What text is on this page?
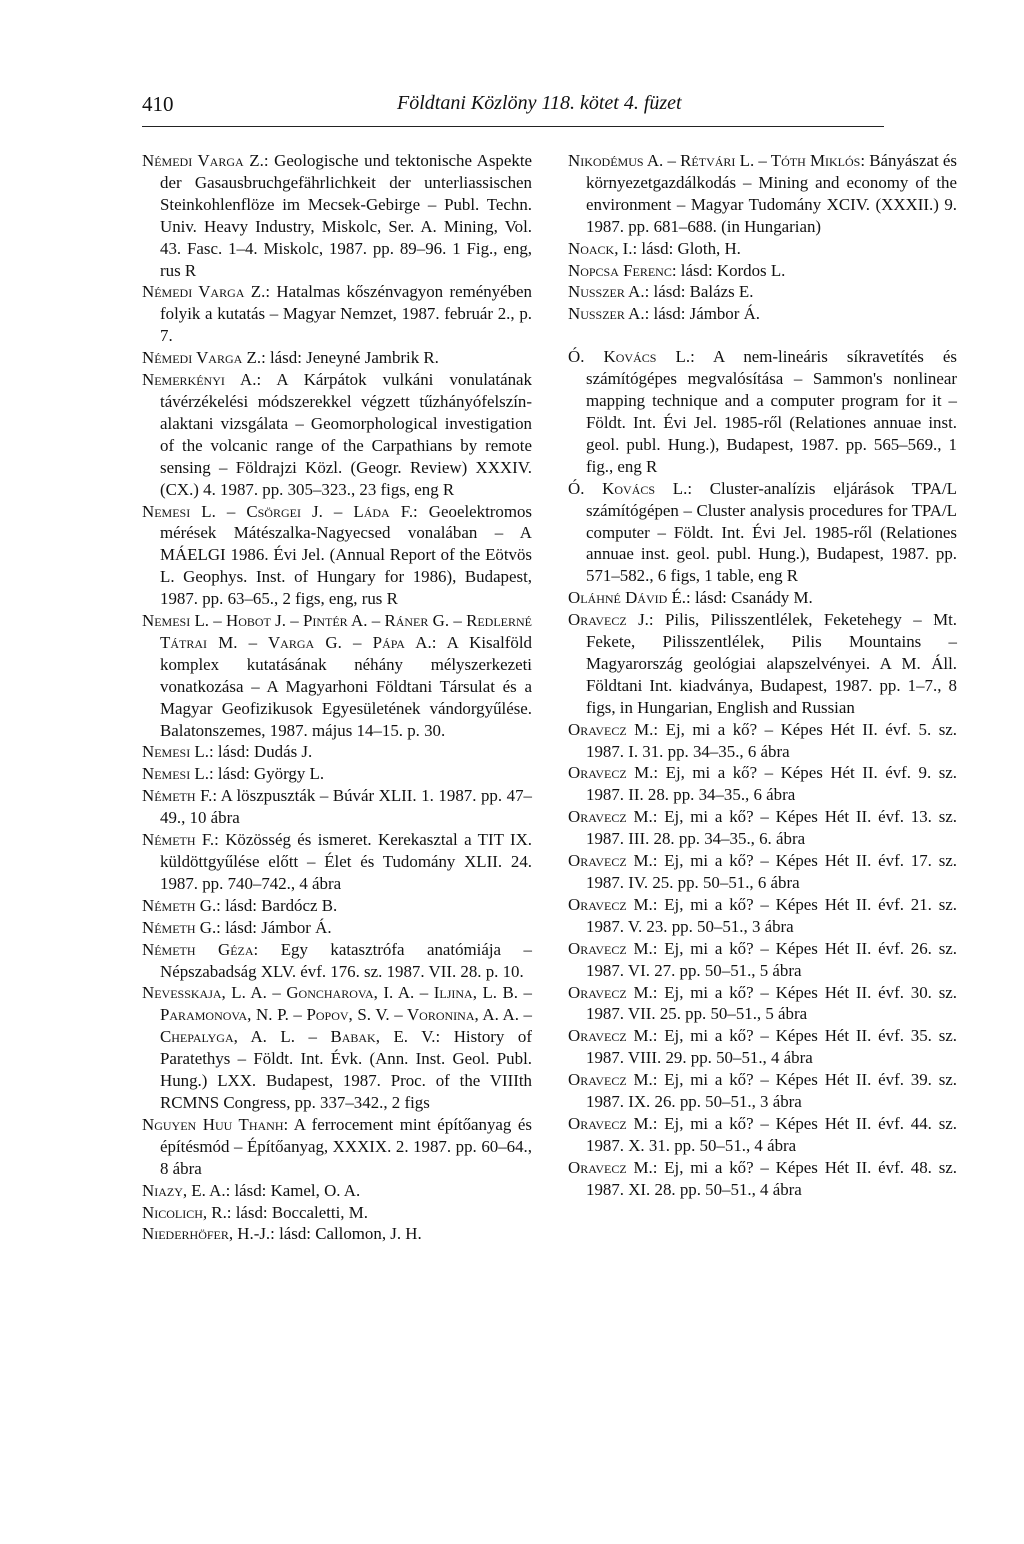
410	Földtani Közlöny 118. kötet 4. füzet

Némedi Varga Z.: Geologische und tektonische Aspekte der Gasausbruchgefährlichkeit der unterliassischen Steinkohlenflöze im Mecsek-Gebirge – Publ. Techn. Univ. Heavy Industry, Miskolc, Ser. A. Mining, Vol. 43. Fasc. 1–4. Miskolc, 1987. pp. 89–96. 1 Fig., eng, rus R

Némedi Varga Z.: Hatalmas kőszénvagyon reményében folyik a kutatás – Magyar Nemzet, 1987. február 2., p. 7.

Némedi Varga Z.: lásd: Jeneyné Jambrik R.

Nemerkényi A.: A Kárpátok vulkáni vonulatának távérzékelési módszerekkel végzett tűzhányófelszín-alaktani vizsgálata – Geomorphological investigation of the volcanic range of the Carpathians by remote sensing – Földrajzi Közl. (Geogr. Review) XXXIV. (CX.) 4. 1987. pp. 305–323., 23 figs, eng R

Nemesi L. – Csörgei J. – Láda F.: Geoelektromos mérések Mátészalka-Nagyecsed vonalában – A MÁELGI 1986. Évi Jel. (Annual Report of the Eötvös L. Geophys. Inst. of Hungary for 1986), Budapest, 1987. pp. 63–65., 2 figs, eng, rus R

Nemesi L. – Hobot J. – Pintér A. – Ráner G. – Redlerné Tátrai M. – Varga G. – Pápa A.: A Kisalföld komplex kutatásának néhány mélyszerkezeti vonatkozása – A Magyarhoni Földtani Társulat és a Magyar Geofizikusok Egyesületének vándorgyűlése. Balatonszemes, 1987. május 14–15. p. 30.

Nemesi L.: lásd: Dudás J.

Nemesi L.: lásd: György L.

Németh F.: A löszpuszták – Búvár XLII. 1. 1987. pp. 47–49., 10 ábra

Németh F.: Közösség és ismeret. Kerekasztal a TIT IX. küldöttgyűlése előtt – Élet és Tudomány XLII. 24. 1987. pp. 740–742., 4 ábra

Németh G.: lásd: Bardócz B.

Németh G.: lásd: Jámbor Á.

Németh Géza: Egy katasztrófa anatómiája – Népszabadság XLV. évf. 176. sz. 1987. VII. 28. p. 10.

Nevesskaja, L. A. – Goncharova, I. A. – Iljina, L. B. – Paramonova, N. P. – Popov, S. V. – Voronina, A. A. – Chepalyga, A. L. – Babak, E. V.: History of Paratethys – Földt. Int. Évk. (Ann. Inst. Geol. Publ. Hung.) LXX. Budapest, 1987. Proc. of the VIIIth RCMNS Congress, pp. 337–342., 2 figs

Nguyen Huu Thanh: A ferrocement mint építőanyag és építésmód – Építőanyag, XXXIX. 2. 1987. pp. 60–64., 8 ábra

Niazy, E. A.: lásd: Kamel, O. A.

Nicolich, R.: lásd: Boccaletti, M.

Niederhöfer, H.-J.: lásd: Callomon, J. H.

Nikodémus A. – Rétvári L. – Tóth Miklós: Bányászat és környezetgazdálkodás – Mining and economy of the environment – Magyar Tudomány XCIV. (XXXII.) 9. 1987. pp. 681–688. (in Hungarian)

Noack, I.: lásd: Gloth, H.

Nopcsa Ferenc: lásd: Kordos L.

Nusszer A.: lásd: Balázs E.

Nusszer A.: lásd: Jámbor Á.

Ó. Kovács L.: A nem-lineáris síkravetítés és számítógépes megvalósítása – Sammon's nonlinear mapping technique and a computer program for it – Földt. Int. Évi Jel. 1985-ről (Relationes annuae inst. geol. publ. Hung.), Budapest, 1987. pp. 565–569., 1 fig., eng R

Ó. Kovács L.: Cluster-analízis eljárások TPA/L számítógépen – Cluster analysis procedures for TPA/L computer – Földt. Int. Évi Jel. 1985-ről (Relationes annuae inst. geol. publ. Hung.), Budapest, 1987. pp. 571–582., 6 figs, 1 table, eng R

Oláhné Dávid É.: lásd: Csanády M.

Oravecz J.: Pilis, Pilisszentlélek, Feketehegy – Mt. Fekete, Pilisszentlélek, Pilis Mountains – Magyarország geológiai alapszelvényei. A M. Áll. Földtani Int. kiadványa, Budapest, 1987. pp. 1–7., 8 figs, in Hungarian, English and Russian

Oravecz M.: Ej, mi a kő? – Képes Hét II. évf. 5. sz. 1987. I. 31. pp. 34–35., 6 ábra

Oravecz M.: Ej, mi a kő? – Képes Hét II. évf. 9. sz. 1987. II. 28. pp. 34–35., 6 ábra

Oravecz M.: Ej, mi a kő? – Képes Hét II. évf. 13. sz. 1987. III. 28. pp. 34–35., 6. ábra

Oravecz M.: Ej, mi a kő? – Képes Hét II. évf. 17. sz. 1987. IV. 25. pp. 50–51., 6 ábra

Oravecz M.: Ej, mi a kő? – Képes Hét II. évf. 21. sz. 1987. V. 23. pp. 50–51., 3 ábra

Oravecz M.: Ej, mi a kő? – Képes Hét II. évf. 26. sz. 1987. VI. 27. pp. 50–51., 5 ábra

Oravecz M.: Ej, mi a kő? – Képes Hét II. évf. 30. sz. 1987. VII. 25. pp. 50–51., 5 ábra

Oravecz M.: Ej, mi a kő? – Képes Hét II. évf. 35. sz. 1987. VIII. 29. pp. 50–51., 4 ábra

Oravecz M.: Ej, mi a kő? – Képes Hét II. évf. 39. sz. 1987. IX. 26. pp. 50–51., 3 ábra

Oravecz M.: Ej, mi a kő? – Képes Hét II. évf. 44. sz. 1987. X. 31. pp. 50–51., 4 ábra

Oravecz M.: Ej, mi a kő? – Képes Hét II. évf. 48. sz. 1987. XI. 28. pp. 50–51., 4 ábra
